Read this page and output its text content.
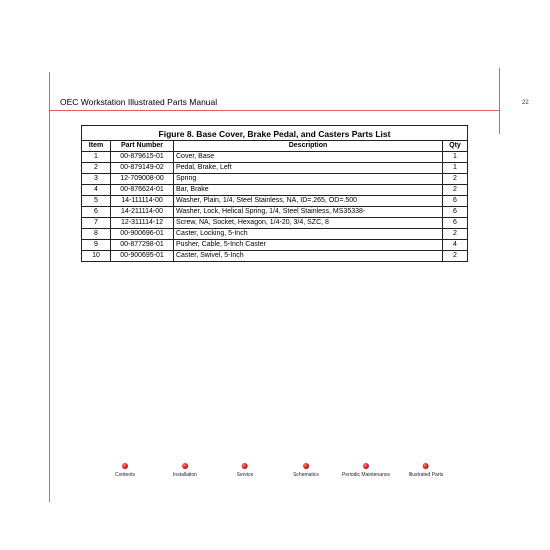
OEC Workstation Illustrated Parts Manual	22
Figure 8. Base Cover, Brake Pedal, and Casters Parts List
Item	Part Number	Description	Qty
1	00-879615-01	Cover, Base	1
2	00-879149-02	Pedal, Brake, Left	1
3	12-709008-00	Spring	2
4	00-876624-01	Bar, Brake	2
5	14-111114-00	Washer, Plain, 1/4, Steel Stainless, NA, ID=.265, OD=.500	6
6	14-211114-00	Washer, Lock, Helical Spring, 1/4, Steel Stainless, MS35338-	6
7	12-311114-12	Screw, NA, Socket, Hexagon, 1/4-20, 3/4, SZC, 8	6
8	00-900696-01	Caster, Locking, 5-Inch	2
9	00-877298-01	Pusher, Cable, 5-Inch Caster	4
10	00-900695-01	Caster, Swivel, 5-Inch	2
Contents	Installation	Service	Schematics	Periodic Maintenance	Illustrated Parts
